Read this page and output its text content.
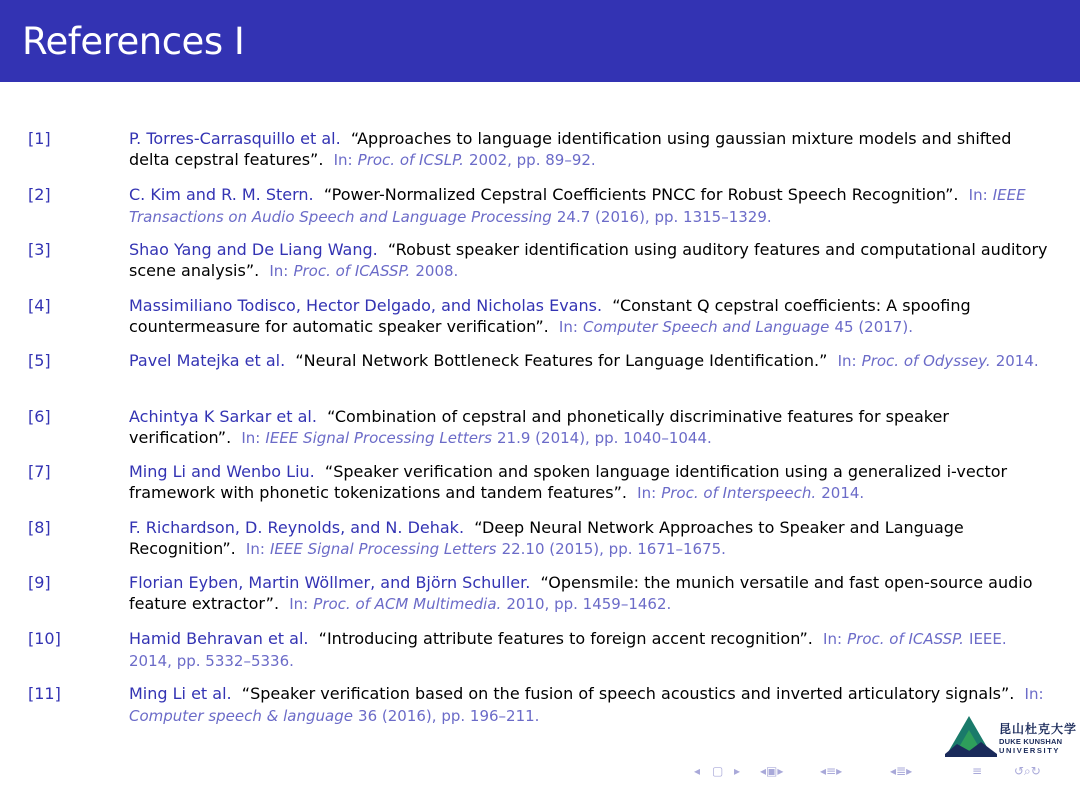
References I
[1]	P. Torres-Carrasquillo et al. “Approaches to language identification using gaussian mixture models and shifted delta cepstral features”. In: Proc. of ICSLP. 2002, pp. 89–92.
[2]	C. Kim and R. M. Stern. “Power-Normalized Cepstral Coefficients PNCC for Robust Speech Recognition”. In: IEEE Transactions on Audio Speech and Language Processing 24.7 (2016), pp. 1315–1329.
[3]	Shao Yang and De Liang Wang. “Robust speaker identification using auditory features and computational auditory scene analysis”. In: Proc. of ICASSP. 2008.
[4]	Massimiliano Todisco, Hector Delgado, and Nicholas Evans. “Constant Q cepstral coefficients: A spoofing countermeasure for automatic speaker verification”. In: Computer Speech and Language 45 (2017).
[5]	Pavel Matejka et al. “Neural Network Bottleneck Features for Language Identification.” In: Proc. of Odyssey. 2014.
[6]	Achintya K Sarkar et al. “Combination of cepstral and phonetically discriminative features for speaker verification”. In: IEEE Signal Processing Letters 21.9 (2014), pp. 1040–1044.
[7]	Ming Li and Wenbo Liu. “Speaker verification and spoken language identification using a generalized i-vector framework with phonetic tokenizations and tandem features”. In: Proc. of Interspeech. 2014.
[8]	F. Richardson, D. Reynolds, and N. Dehak. “Deep Neural Network Approaches to Speaker and Language Recognition”. In: IEEE Signal Processing Letters 22.10 (2015), pp. 1671–1675.
[9]	Florian Eyben, Martin Wöllmer, and Björn Schuller. “Opensmile: the munich versatile and fast open-source audio feature extractor”. In: Proc. of ACM Multimedia. 2010, pp. 1459–1462.
[10]	Hamid Behravan et al. “Introducing attribute features to foreign accent recognition”. In: Proc. of ICASSP. IEEE. 2014, pp. 5332–5336.
[11]	Ming Li et al. “Speaker verification based on the fusion of speech acoustics and inverted articulatory signals”. In: Computer speech & language 36 (2016), pp. 196–211.
昆山杜克大学
DUKE KUNSHAN
UNIVERSITY
◂ ▢ ▸ ◂▣▸	◂≡▸	◂≣▸	≡	↺⌕↻
